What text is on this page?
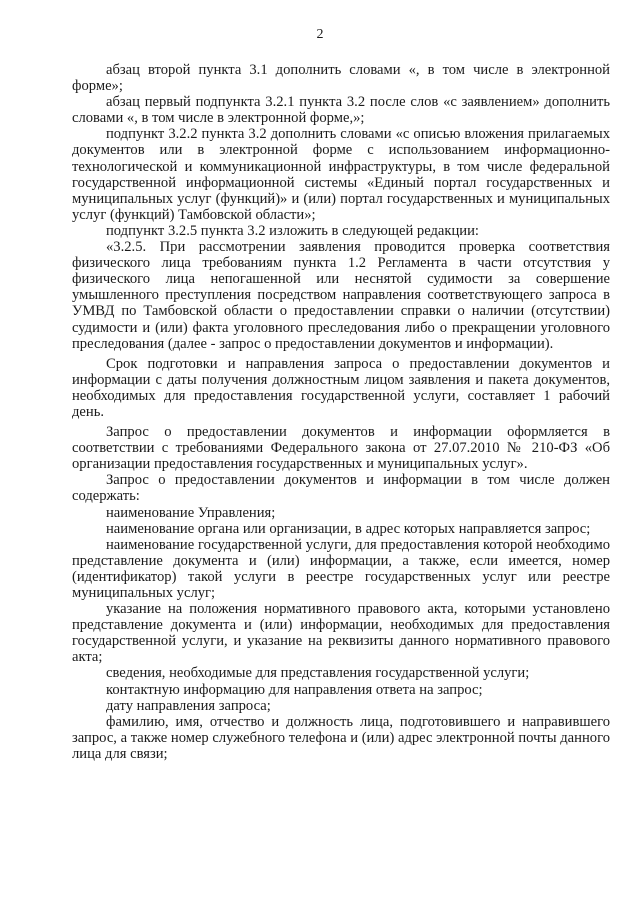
2

абзац второй пункта 3.1 дополнить словами «, в том числе в электронной форме»;

абзац первый подпункта 3.2.1 пункта 3.2 после слов «с заявлением» дополнить словами «, в том числе в электронной форме,»;

подпункт 3.2.2 пункта 3.2 дополнить словами «с описью вложения прилагаемых документов или в электронной форме с использованием информационно-технологической и коммуникационной инфраструктуры, в том числе федеральной государственной информационной системы «Единый портал государственных и муниципальных услуг (функций)» и (или) портал государственных и муниципальных услуг (функций) Тамбовской области»;

подпункт 3.2.5 пункта 3.2 изложить в следующей редакции:

«3.2.5. При рассмотрении заявления проводится проверка соответствия физического лица требованиям пункта 1.2 Регламента в части отсутствия у физического лица непогашенной или неснятой судимости за совершение умышленного преступления посредством направления соответствующего запроса в УМВД по Тамбовской области о предоставлении справки о наличии (отсутствии) судимости и (или) факта уголовного преследования либо о прекращении уголовного преследования (далее - запрос о предоставлении документов и информации).

Срок подготовки и направления запроса о предоставлении документов и информации с даты получения должностным лицом заявления и пакета документов, необходимых для предоставления государственной услуги, составляет 1 рабочий день.

Запрос о предоставлении документов и информации оформляется в соответствии с требованиями Федерального закона от 27.07.2010 № 210-ФЗ «Об организации предоставления государственных и муниципальных услуг».

Запрос о предоставлении документов и информации в том числе должен содержать:

наименование Управления;

наименование органа или организации, в адрес которых направляется запрос;

наименование государственной услуги, для предоставления которой необходимо представление документа и (или) информации, а также, если имеется, номер (идентификатор) такой услуги в реестре государственных услуг или реестре муниципальных услуг;

указание на положения нормативного правового акта, которыми установлено представление документа и (или) информации, необходимых для предоставления государственной услуги, и указание на реквизиты данного нормативного правового акта;

сведения, необходимые для представления государственной услуги;

контактную информацию для направления ответа на запрос;

дату направления запроса;

фамилию, имя, отчество и должность лица, подготовившего и направившего запрос, а также номер служебного телефона и (или) адрес электронной почты данного лица для связи;
